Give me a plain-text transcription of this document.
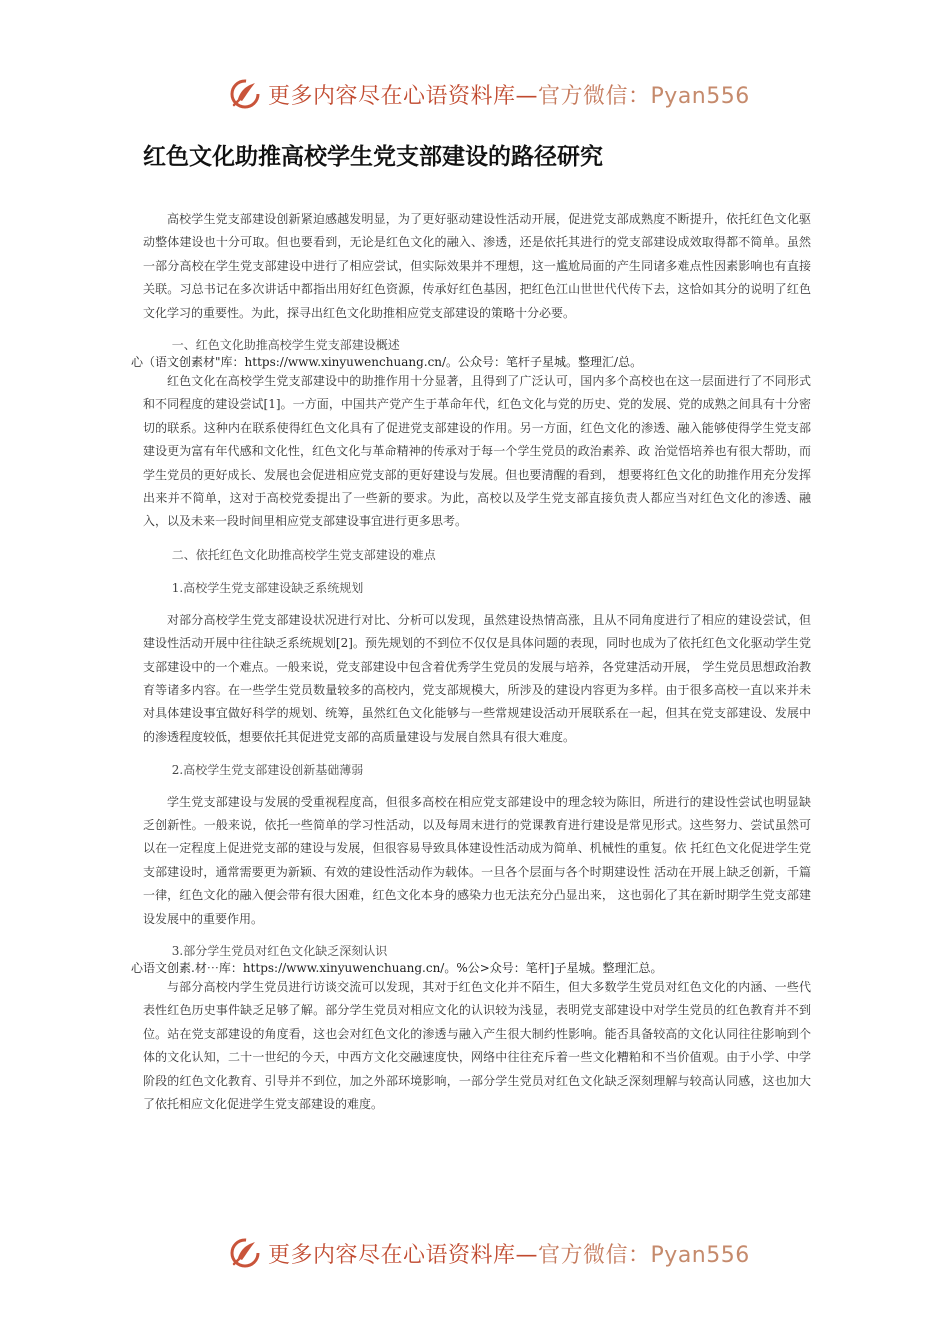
更多内容尽在心语资料库—官方微信：Pyan556
红色文化助推高校学生党支部建设的路径研究

高校学生党支部建设创新紧迫感越发明显，为了更好驱动建设性活动开展，促进党支部成熟度不断提升，依托红色文化驱动整体建设也十分可取。但也要看到，无论是红色文化的融入、渗透，还是依托其进行的党支部建设成效取得都不简单。虽然一部分高校在学生党支部建设中进行了相应尝试，但实际效果并不理想，这一尴尬局面的产生同诸多难点性因素影响也有直接关联。习总书记在多次讲话中都指出用好红色资源，传承好红色基因，把红色江山世世代代传下去，这恰如其分的说明了红色文化学习的重要性。为此，探寻出红色文化助推相应党支部建设的策略十分必要。

一、红色文化助推高校学生党支部建设概述

心（语文创素材"库：https://www.xinyuwenchuang.cn/。公众号：笔杆子星城。整理汇/总。

红色文化在高校学生党支部建设中的助推作用十分显著，且得到了广泛认可，国内多个高校也在这一层面进行了不同形式和不同程度的建设尝试[1]。一方面，中国共产党产生于革命年代，红色文化与党的历史、党的发展、党的成熟之间具有十分密切的联系。这种内在联系使得红色文化具有了促进党支部建设的作用。另一方面，红色文化的渗透、融入能够使得学生党支部建设更为富有年代感和文化性，红色文化与革命精神的传承对于每一个学生党员的政治素养、政 治觉悟培养也有很大帮助，而学生党员的更好成长、发展也会促进相应党支部的更好建设与发展。但也要清醒的看到， 想要将红色文化的助推作用充分发挥出来并不简单，这对于高校党委提出了一些新的要求。为此，高校以及学生党支部直接负责人都应当对红色文化的渗透、融入，以及未来一段时间里相应党支部建设事宜进行更多思考。

二、依托红色文化助推高校学生党支部建设的难点

1.高校学生党支部建设缺乏系统规划

对部分高校学生党支部建设状况进行对比、分析可以发现，虽然建设热情高涨，且从不同角度进行了相应的建设尝试，但建设性活动开展中往往缺乏系统规划[2]。预先规划的不到位不仅仅是具体问题的表现，同时也成为了依托红色文化驱动学生党支部建设中的一个难点。一般来说，党支部建设中包含着优秀学生党员的发展与培养，各党建活动开展， 学生党员思想政治教育等诸多内容。在一些学生党员数量较多的高校内，党支部规模大，所涉及的建设内容更为多样。由于很多高校一直以来并未对具体建设事宜做好科学的规划、统筹，虽然红色文化能够与一些常规建设活动开展联系在一起，但其在党支部建设、发展中的渗透程度较低，想要依托其促进党支部的高质量建设与发展自然具有很大难度。

2.高校学生党支部建设创新基础薄弱

学生党支部建设与发展的受重视程度高，但很多高校在相应党支部建设中的理念较为陈旧，所进行的建设性尝试也明显缺乏创新性。一般来说，依托一些简单的学习性活动，以及每周末进行的党课教育进行建设是常见形式。这些努力、尝试虽然可以在一定程度上促进党支部的建设与发展，但很容易导致具体建设性活动成为简单、机械性的重复。依 托红色文化促进学生党支部建设时，通常需要更为新颖、有效的建设性活动作为载体。一旦各个层面与各个时期建设性 活动在开展上缺乏创新，千篇一律，红色文化的融入便会带有很大困难，红色文化本身的感染力也无法充分凸显出来， 这也弱化了其在新时期学生党支部建设发展中的重要作用。

3.部分学生党员对红色文化缺乏深刻认识

心语文创素.材⋯库：https://www.xinyuwenchuang.cn/。%公>众号：笔杆]子星城。整理汇总。

与部分高校内学生党员进行访谈交流可以发现，其对于红色文化并不陌生，但大多数学生党员对红色文化的内涵、一些代表性红色历史事件缺乏足够了解。部分学生党员对相应文化的认识较为浅显，表明党支部建设中对学生党员的红色教育并不到位。站在党支部建设的角度看，这也会对红色文化的渗透与融入产生很大制约性影响。能否具备较高的文化认同往往影响到个体的文化认知，二十一世纪的今天，中西方文化交融速度快，网络中往往充斥着一些文化糟粕和不当价值观。由于小学、中学阶段的红色文化教育、引导并不到位，加之外部环境影响，一部分学生党员对红色文化缺乏深刻理解与较高认同感，这也加大了依托相应文化促进学生党支部建设的难度。

更多内容尽在心语资料库—官方微信：Pyan556
